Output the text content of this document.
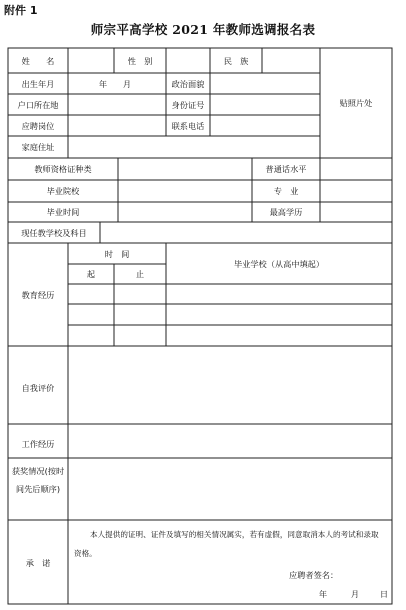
附件 1
师宗平高学校 2021 年教师选调报名表
姓　　名	性　别	民　族
出生年月	年 月	政治面貌
户口所在地	身份证号
应聘岗位	联系电话
家庭住址
贴照片处
教师资格证种类	普通话水平
毕业院校	专　业
毕业时间	最高学历
现任教学校及科目
教育经历
时　间
起	止
毕业学校（从高中填起）
自我评价
工作经历
获奖情况(按时间先后顺序)
承　诺
本人提供的证明、证件及填写的相关情况属实，若有虚假，同意取消本人的考试和录取资格。
应聘者签名：
年	月	日
